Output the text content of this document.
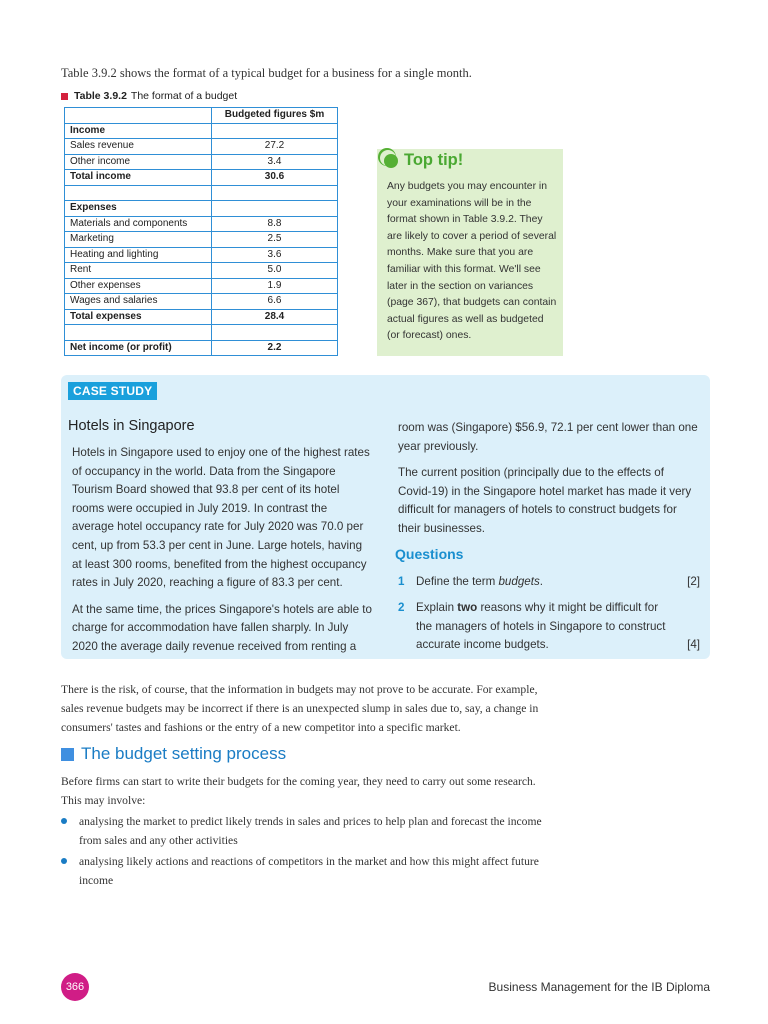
Table 3.9.2 shows the format of a typical budget for a business for a single month.
Table 3.9.2 The format of a budget
	Budgeted figures $m
Income	
Sales revenue	27.2
Other income	3.4
Total income	30.6

Expenses	
Materials and components	8.8
Marketing	2.5
Heating and lighting	3.6
Rent	5.0
Other expenses	1.9
Wages and salaries	6.6
Total expenses	28.4

Net income (or profit)	2.2
Top tip!
Any budgets you may encounter in your examinations will be in the format shown in Table 3.9.2. They are likely to cover a period of several months. Make sure that you are familiar with this format. We'll see later in the section on variances (page 367), that budgets can contain actual figures as well as budgeted (or forecast) ones.
CASE STUDY
Hotels in Singapore

Hotels in Singapore used to enjoy one of the highest rates of occupancy in the world. Data from the Singapore Tourism Board showed that 93.8 per cent of its hotel rooms were occupied in July 2019. In contrast the average hotel occupancy rate for July 2020 was 70.0 per cent, up from 53.3 per cent in June. Large hotels, having at least 300 rooms, benefited from the highest occupancy rates in July 2020, reaching a figure of 83.3 per cent.

At the same time, the prices Singapore's hotels are able to charge for accommodation have fallen sharply. In July 2020 the average daily revenue received from renting a

room was (Singapore) $56.9, 72.1 per cent lower than one year previously.

The current position (principally due to the effects of Covid-19) in the Singapore hotel market has made it very difficult for managers of hotels to construct budgets for their businesses.

Questions
1 Define the term budgets.	[2]
2 Explain two reasons why it might be difficult for the managers of hotels in Singapore to construct accurate income budgets.	[4]
There is the risk, of course, that the information in budgets may not prove to be accurate. For example, sales revenue budgets may be incorrect if there is an unexpected slump in sales due to, say, a change in consumers' tastes and fashions or the entry of a new competitor into a specific market.
The budget setting process
Before firms can start to write their budgets for the coming year, they need to carry out some research. This may involve:
analysing the market to predict likely trends in sales and prices to help plan and forecast the income from sales and any other activities
analysing likely actions and reactions of competitors in the market and how this might affect future income
366	Business Management for the IB Diploma
